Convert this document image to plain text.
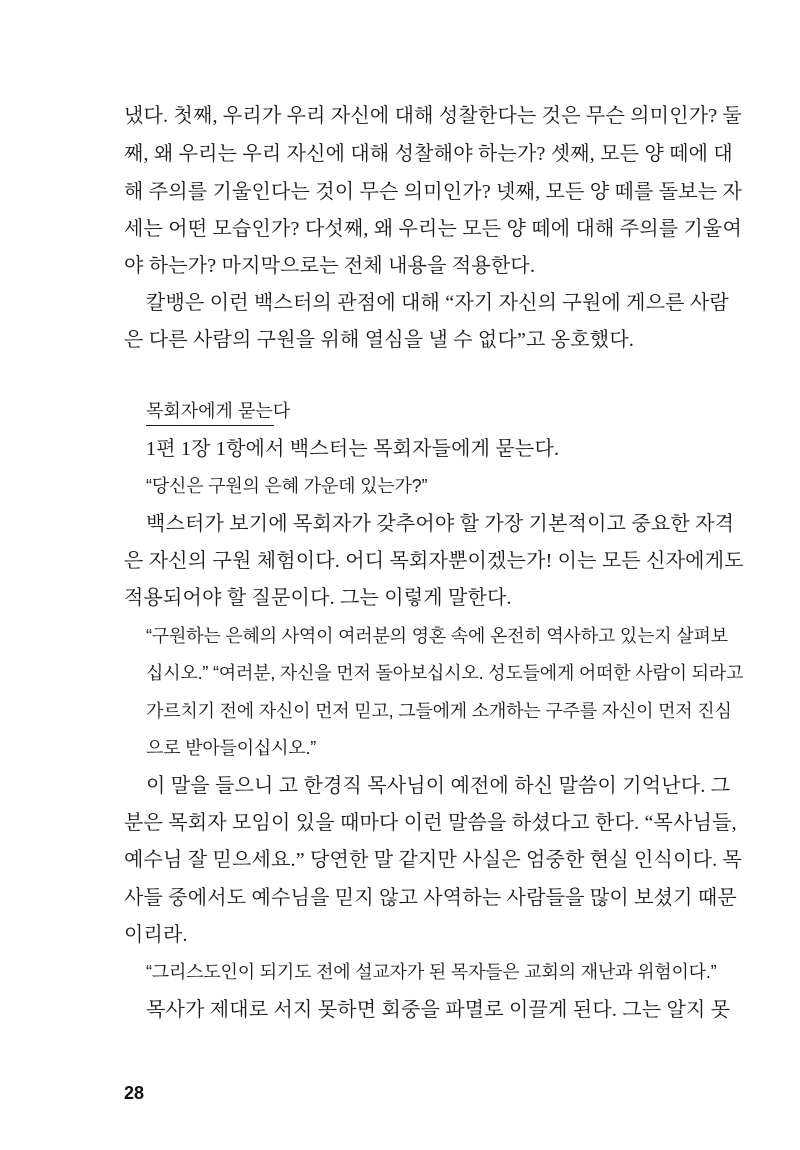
냈다. 첫째, 우리가 우리 자신에 대해 성찰한다는 것은 무슨 의미인가? 둘
째, 왜 우리는 우리 자신에 대해 성찰해야 하는가? 셋째, 모든 양 떼에 대
해 주의를 기울인다는 것이 무슨 의미인가? 넷째, 모든 양 떼를 돌보는 자
세는 어떤 모습인가? 다섯째, 왜 우리는 모든 양 떼에 대해 주의를 기울여
야 하는가? 마지막으로는 전체 내용을 적용한다.
칼뱅은 이런 백스터의 관점에 대해 “자기 자신의 구원에 게으른 사람
은 다른 사람의 구원을 위해 열심을 낼 수 없다”고 옹호했다.
목회자에게 묻는다
1편 1장 1항에서 백스터는 목회자들에게 묻는다.
“당신은 구원의 은혜 가운데 있는가?”
백스터가 보기에 목회자가 갖추어야 할 가장 기본적이고 중요한 자격
은 자신의 구원 체험이다. 어디 목회자뿐이겠는가! 이는 모든 신자에게도
적용되어야 할 질문이다. 그는 이렇게 말한다.
“구원하는 은혜의 사역이 여러분의 영혼 속에 온전히 역사하고 있는지 살펴보
십시오.” “여러분, 자신을 먼저 돌아보십시오. 성도들에게 어떠한 사람이 되라고
가르치기 전에 자신이 먼저 믿고, 그들에게 소개하는 구주를 자신이 먼저 진심
으로 받아들이십시오.”
이 말을 들으니 고 한경직 목사님이 예전에 하신 말씀이 기억난다. 그
분은 목회자 모임이 있을 때마다 이런 말씀을 하셨다고 한다. “목사님들,
예수님 잘 믿으세요.” 당연한 말 같지만 사실은 엄중한 현실 인식이다. 목
사들 중에서도 예수님을 믿지 않고 사역하는 사람들을 많이 보셨기 때문
이리라.
“그리스도인이 되기도 전에 설교자가 된 목자들은 교회의 재난과 위험이다.”
목사가 제대로 서지 못하면 회중을 파멸로 이끌게 된다. 그는 알지 못
28
